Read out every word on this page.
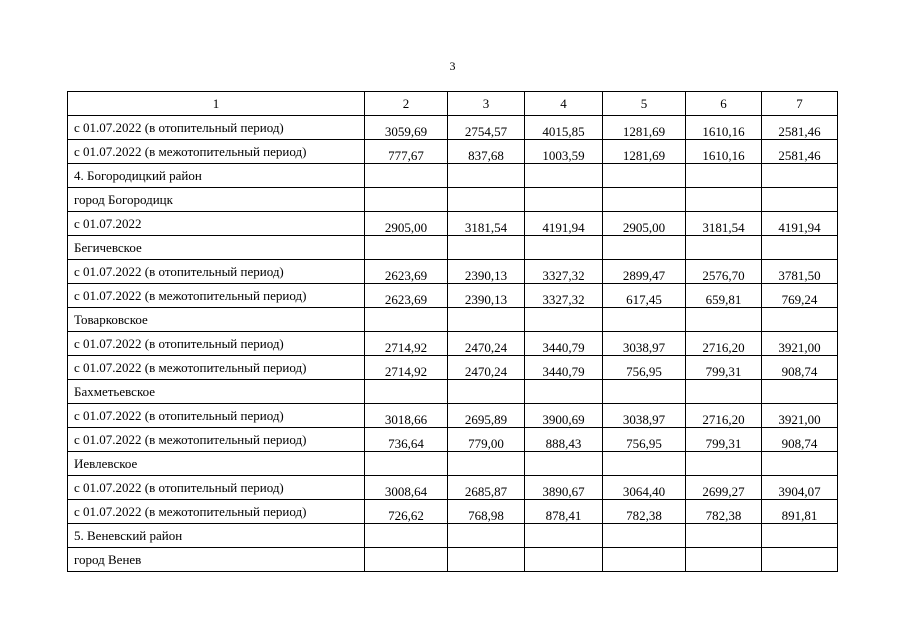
3
1	2	3	4	5	6	7
с 01.07.2022 (в отопительный период)	3059,69	2754,57	4015,85	1281,69	1610,16	2581,46
с 01.07.2022 (в межотопительный период)	777,67	837,68	1003,59	1281,69	1610,16	2581,46
4. Богородицкий район						
город Богородицк						
с 01.07.2022	2905,00	3181,54	4191,94	2905,00	3181,54	4191,94
Бегичевское						
с 01.07.2022 (в отопительный период)	2623,69	2390,13	3327,32	2899,47	2576,70	3781,50
с 01.07.2022 (в межотопительный период)	2623,69	2390,13	3327,32	617,45	659,81	769,24
Товарковское						
с 01.07.2022 (в отопительный период)	2714,92	2470,24	3440,79	3038,97	2716,20	3921,00
с 01.07.2022 (в межотопительный период)	2714,92	2470,24	3440,79	756,95	799,31	908,74
Бахметьевское						
с 01.07.2022 (в отопительный период)	3018,66	2695,89	3900,69	3038,97	2716,20	3921,00
с 01.07.2022 (в межотопительный период)	736,64	779,00	888,43	756,95	799,31	908,74
Иевлевское						
с 01.07.2022 (в отопительный период)	3008,64	2685,87	3890,67	3064,40	2699,27	3904,07
с 01.07.2022 (в межотопительный период)	726,62	768,98	878,41	782,38	782,38	891,81
5. Веневский район						
город Венев						
